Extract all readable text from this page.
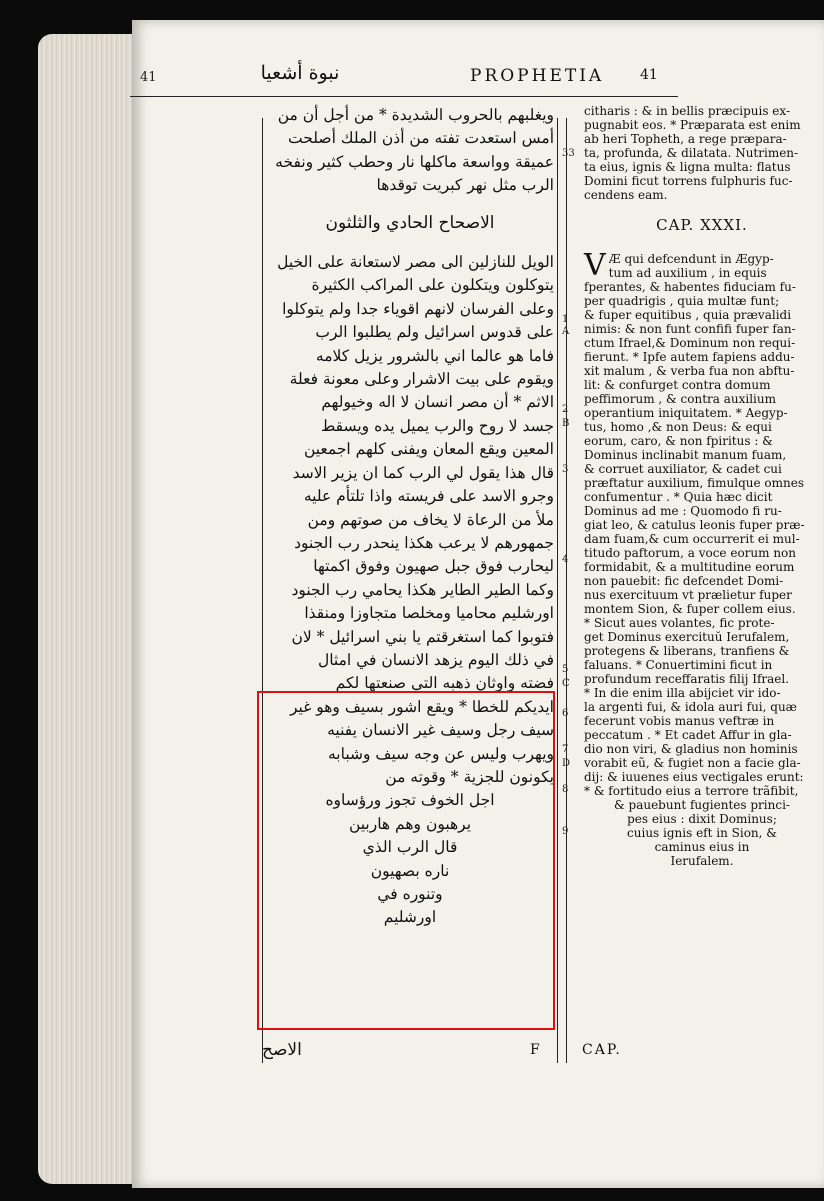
41	نبوة أشعيا	PROPHETIA	41
ويغلبهم بالحروب الشديدة * من أجل أن من
أمس استعدت تفته من أذن الملك أصلحت
عميقة وواسعة ماكلها نار وحطب كثير ونفخه
الرب مثل نهر كبريت توقدها
الاصحاح الحادي والثلثون
الويل للنازلين الى مصر لاستعانة على الخيل
يتوكلون ويتكلون على المراكب الكثيرة
وعلى الفرسان لانهم اقوياء جدا ولم يتوكلوا
على قدوس اسرائيل ولم يطلبوا الرب
فاما هو عالما اني بالشرور يزيل كلامه
ويقوم على بيت الاشرار وعلى معونة فعلة
الاثم * أن مصر انسان لا اله وخيولهم
جسد لا روح والرب يميل يده ويسقط
المعين ويقع المعان ويفنى كلهم اجمعين
قال هذا يقول لي الرب كما ان يزير الاسد
وجرو الاسد على فريسته واذا تلتأم عليه
ملأ من الرعاة لا يخاف من صوتهم ومن
جمهورهم لا يرعب هكذا ينحدر رب الجنود
ليحارب فوق جبل صهيون وفوق اكمتها
وكما الطير الطاير هكذا يحامي رب الجنود
اورشليم محاميا ومخلصا متجاوزا ومنقذا
فتوبوا كما استغرقتم يا بني اسرائيل * لان
في ذلك اليوم يزهد الانسان في امثال
فضته واوثان ذهبه التي صنعتها لكم
ايديكم للخطا * ويقع اشور بسيف وهو غير
سيف رجل وسيف غير الانسان يفنيه
ويهرب وليس عن وجه سيف وشبابه
يكونون للجزية * وقوته من
اجل الخوف تجوز ورؤساوه
يرهبون وهم هاربين
قال الرب الذي
ناره بصهيون
وتنوره في
اورشليم
33
1
A
2
B
3
4
5
C
6
7
D
8
9
citharis : & in bellis præcipuis ex-
pugnabit eos. * Præparata est enim
ab heri Topheth, a rege præpara-
ta, profunda, & dilatata. Nutrimen-
ta eius, ignis & ligna multa: flatus
Domini ficut torrens fulphuris fuc-
cendens eam.
CAP. XXXI.
V Æ qui defcendunt in Ægyp-
tum ad auxilium , in equis
fperantes, & habentes fiduciam fu-
per quadrigis , quia multæ funt;
& fuper equitibus , quia prævalidi
nimis: & non funt confifi fuper fan-
ctum Ifrael,& Dominum non requi-
fierunt. * Ipfe autem fapiens addu-
xit malum , & verba fua non abftu-
lit: & confurget contra domum
peffimorum , & contra auxilium
operantium iniquitatem. * Aegyp-
tus, homo ,& non Deus: & equi
eorum, caro, & non fpiritus : &
Dominus inclinabit manum fuam,
& corruet auxiliator, & cadet cui
præftatur auxilium, fimulque omnes
confumentur . * Quia hæc dicit
Dominus ad me : Quomodo fi ru-
giat leo, & catulus leonis fuper præ-
dam fuam,& cum occurrerit ei mul-
titudo paftorum, a voce eorum non
formidabit, & a multitudine eorum
non pauebit: fic defcendet Domi-
nus exercituum vt prælietur fuper
montem Sion, & fuper collem eius.
* Sicut aues volantes, fic prote-
get Dominus exercituŭ Ierufalem,
protegens & liberans, tranfiens &
faluans. * Conuertimini ficut in
profundum receffaratis filij Ifrael.
* In die enim illa abijciet vir ido-
la argenti fui, & idola auri fui, quæ
fecerunt vobis manus veftræ in
peccatum . * Et cadet Affur in gla-
dio non viri, & gladius non hominis
vorabit eũ, & fugiet non a facie gla-
dij: & iuuenes eius vectigales erunt:
* & fortitudo eius a terrore trãfibit,
& pauebunt fugientes princi-
pes eius : dixit Dominus;
cuius ignis eft in Sion, &
caminus eius in
Ierufalem.
الاصح	F	CAP.
